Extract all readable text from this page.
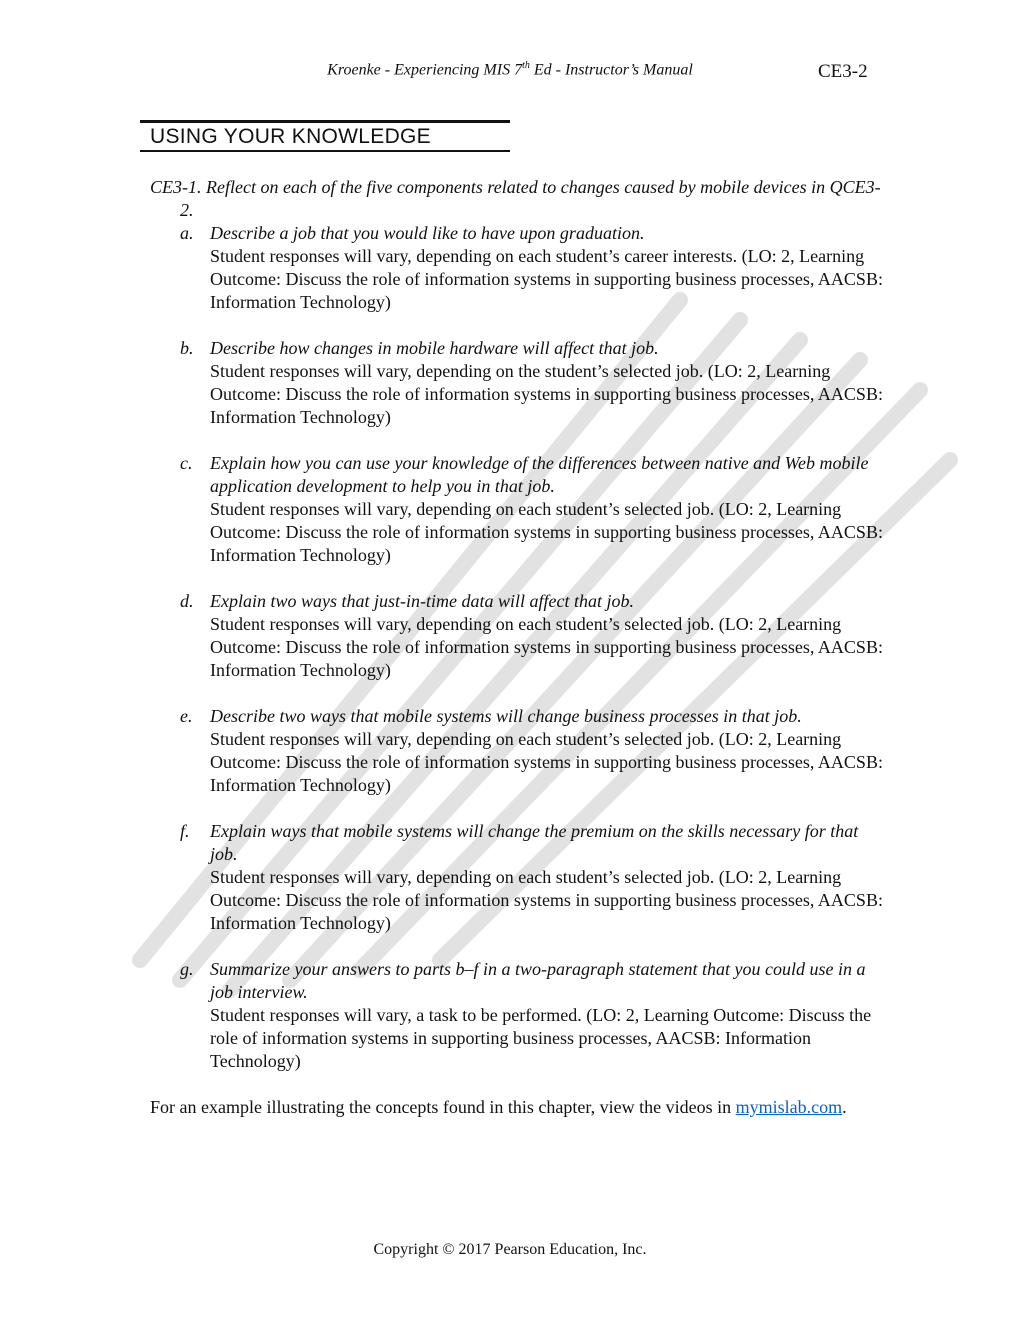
Kroenke - Experiencing MIS 7th Ed - Instructor’s Manual	CE3-2
USING YOUR KNOWLEDGE

CE3-1. Reflect on each of the five components related to changes caused by mobile devices in QCE3-2.

a. Describe a job that you would like to have upon graduation.
Student responses will vary, depending on each student’s career interests. (LO: 2, Learning Outcome: Discuss the role of information systems in supporting business processes, AACSB: Information Technology)
b. Describe how changes in mobile hardware will affect that job.
Student responses will vary, depending on the student’s selected job. (LO: 2, Learning Outcome: Discuss the role of information systems in supporting business processes, AACSB: Information Technology)
c. Explain how you can use your knowledge of the differences between native and Web mobile application development to help you in that job.
Student responses will vary, depending on each student’s selected job. (LO: 2, Learning Outcome: Discuss the role of information systems in supporting business processes, AACSB: Information Technology)
d. Explain two ways that just-in-time data will affect that job.
Student responses will vary, depending on each student’s selected job. (LO: 2, Learning Outcome: Discuss the role of information systems in supporting business processes, AACSB: Information Technology)
e. Describe two ways that mobile systems will change business processes in that job.
Student responses will vary, depending on each student’s selected job. (LO: 2, Learning Outcome: Discuss the role of information systems in supporting business processes, AACSB: Information Technology)
f. Explain ways that mobile systems will change the premium on the skills necessary for that job.
Student responses will vary, depending on each student’s selected job. (LO: 2, Learning Outcome: Discuss the role of information systems in supporting business processes, AACSB: Information Technology)
g. Summarize your answers to parts b–f in a two-paragraph statement that you could use in a job interview.
Student responses will vary, a task to be performed. (LO: 2, Learning Outcome: Discuss the role of information systems in supporting business processes, AACSB: Information Technology)
For an example illustrating the concepts found in this chapter, view the videos in mymislab.com.
Copyright © 2017 Pearson Education, Inc.
